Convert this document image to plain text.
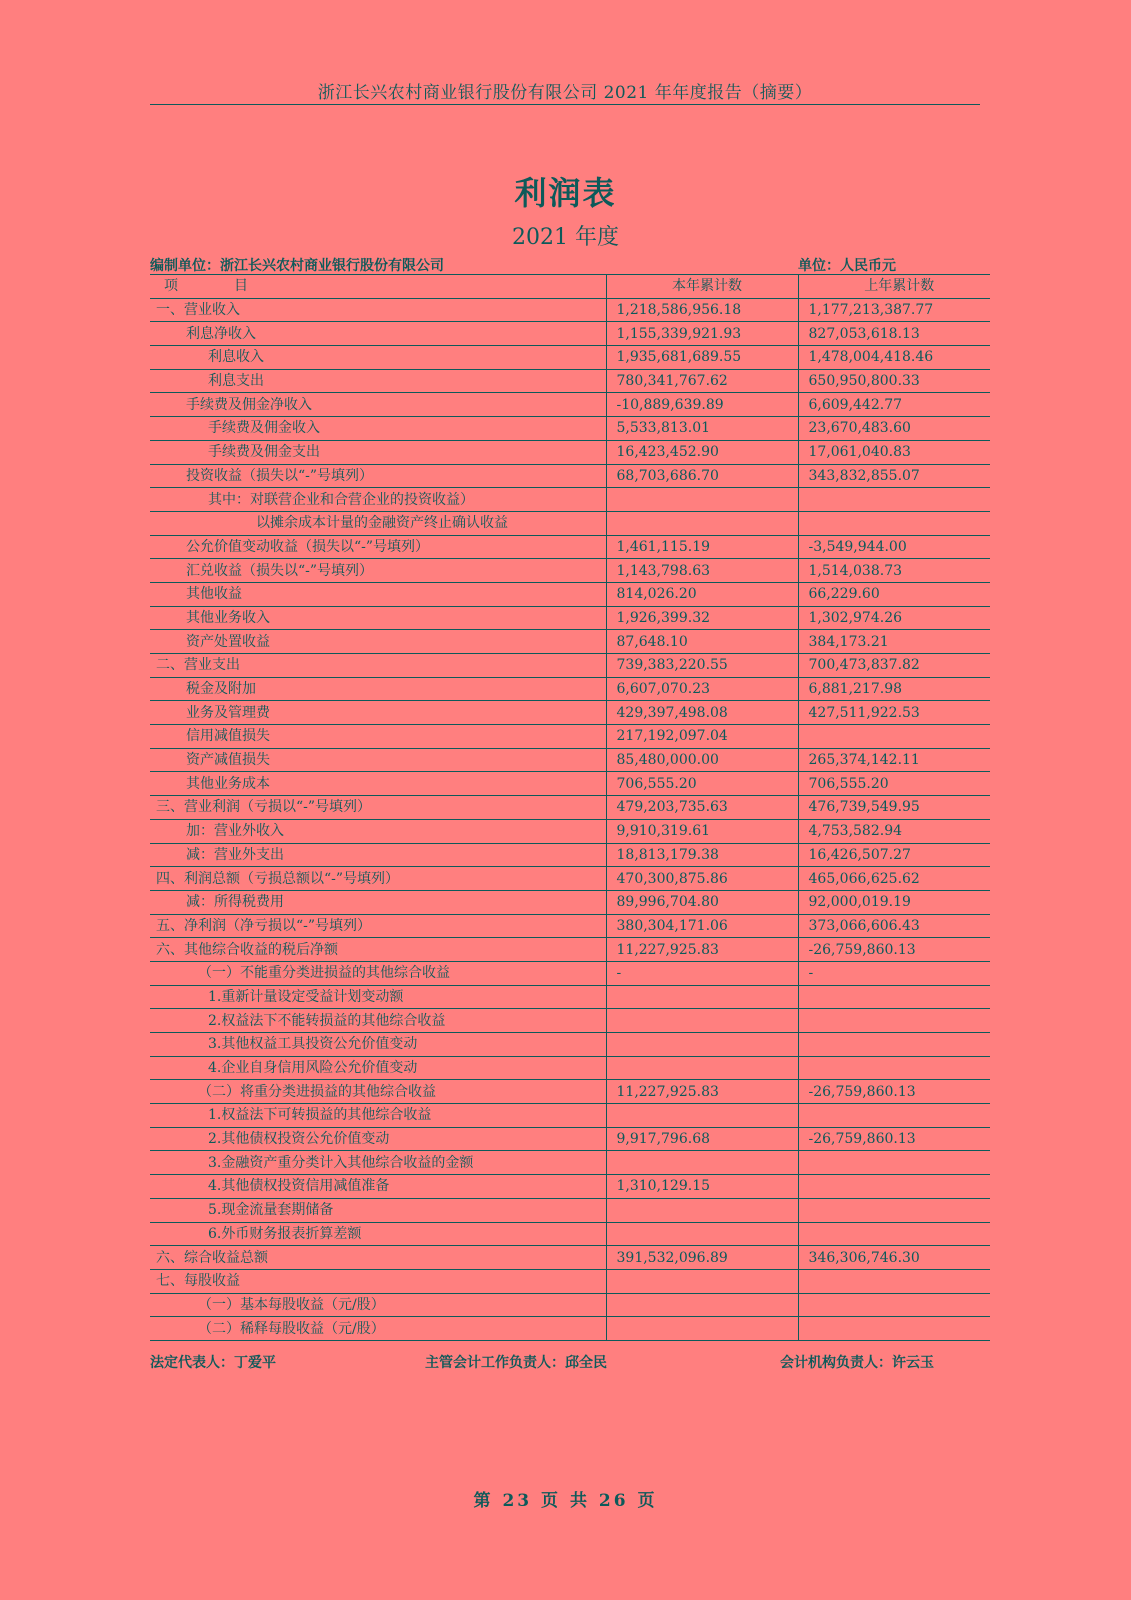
浙江长兴农村商业银行股份有限公司 2021 年年度报告（摘要）
利润表
2021 年度
编制单位：浙江长兴农村商业银行股份有限公司	单位：人民币元
项 目	本年累计数	上年累计数
一、营业收入	1,218,586,956.18	1,177,213,387.77
利息净收入	1,155,339,921.93	827,053,618.13
利息收入	1,935,681,689.55	1,478,004,418.46
利息支出	780,341,767.62	650,950,800.33
手续费及佣金净收入	-10,889,639.89	6,609,442.77
手续费及佣金收入	5,533,813.01	23,670,483.60
手续费及佣金支出	16,423,452.90	17,061,040.83
投资收益（损失以“-”号填列）	68,703,686.70	343,832,855.07
其中：对联营企业和合营企业的投资收益）		
以摊余成本计量的金融资产终止确认收益		
公允价值变动收益（损失以“-”号填列）	1,461,115.19	-3,549,944.00
汇兑收益（损失以“-”号填列）	1,143,798.63	1,514,038.73
其他收益	814,026.20	66,229.60
其他业务收入	1,926,399.32	1,302,974.26
资产处置收益	87,648.10	384,173.21
二、营业支出	739,383,220.55	700,473,837.82
税金及附加	6,607,070.23	6,881,217.98
业务及管理费	429,397,498.08	427,511,922.53
信用减值损失	217,192,097.04	
资产减值损失	85,480,000.00	265,374,142.11
其他业务成本	706,555.20	706,555.20
三、营业利润（亏损以“-”号填列）	479,203,735.63	476,739,549.95
加：营业外收入	9,910,319.61	4,753,582.94
减：营业外支出	18,813,179.38	16,426,507.27
四、利润总额（亏损总额以“-”号填列）	470,300,875.86	465,066,625.62
减：所得税费用	89,996,704.80	92,000,019.19
五、净利润（净亏损以“-”号填列）	380,304,171.06	373,066,606.43
六、其他综合收益的税后净额	11,227,925.83	-26,759,860.13
（一）不能重分类进损益的其他综合收益	-	-
1.重新计量设定受益计划变动额		
2.权益法下不能转损益的其他综合收益		
3.其他权益工具投资公允价值变动		
4.企业自身信用风险公允价值变动		
（二）将重分类进损益的其他综合收益	11,227,925.83	-26,759,860.13
1.权益法下可转损益的其他综合收益		
2.其他债权投资公允价值变动	9,917,796.68	-26,759,860.13
3.金融资产重分类计入其他综合收益的金额		
4.其他债权投资信用减值准备	1,310,129.15	
5.现金流量套期储备		
6.外币财务报表折算差额		
六、综合收益总额	391,532,096.89	346,306,746.30
七、每股收益		
（一）基本每股收益（元/股）		
（二）稀释每股收益（元/股）		
法定代表人：丁爱平	主管会计工作负责人：邱全民	会计机构负责人：许云玉
第 23 页 共 26 页
